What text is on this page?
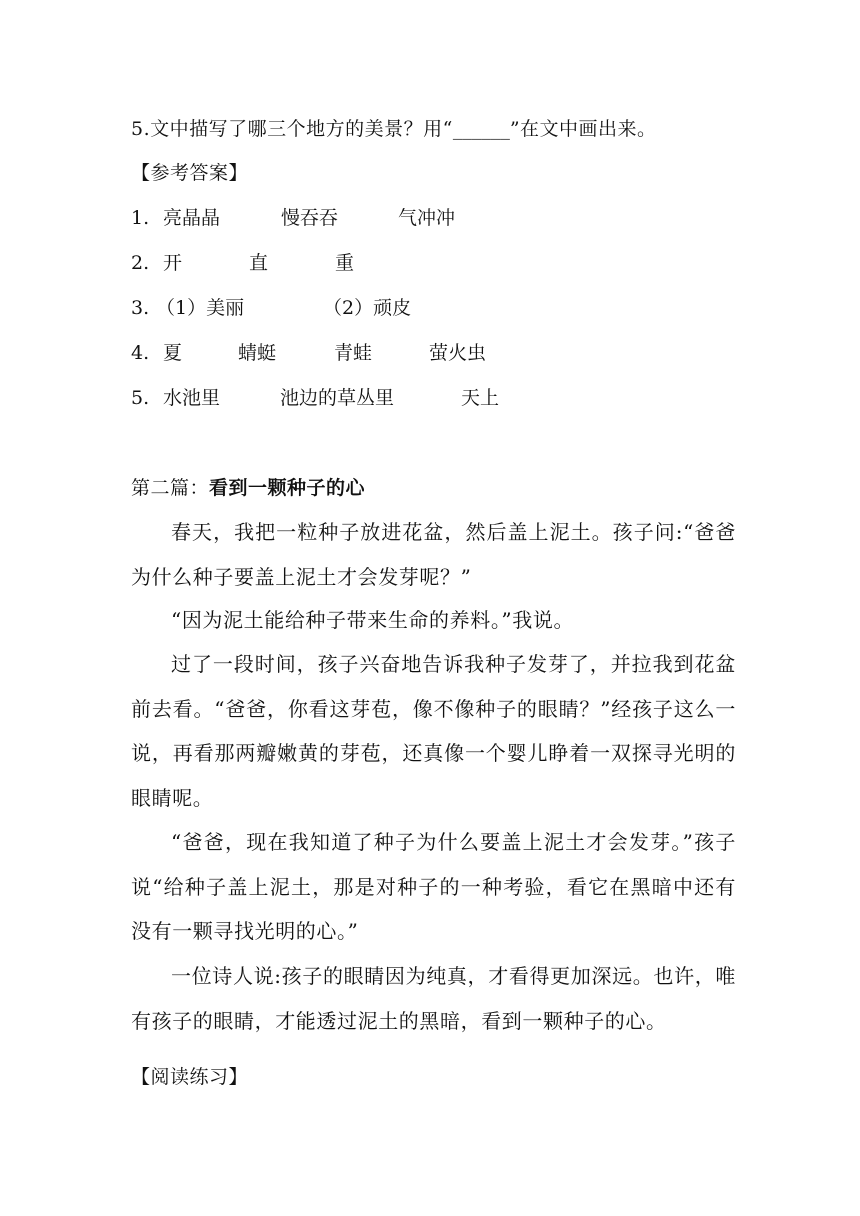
5.文中描写了哪三个地方的美景？用“______”在文中画出来。
【参考答案】
1. 亮晶晶	慢吞吞	气冲冲
2. 开	直	重
3. （1）美丽	（2）顽皮
4. 夏	蜻蜓	青蛙	萤火虫
5. 水池里	池边的草丛里	天上
第二篇：看到一颗种子的心
春天，我把一粒种子放进花盆，然后盖上泥土。孩子问:“爸爸为什么种子要盖上泥土才会发芽呢？”
“因为泥土能给种子带来生命的养料。”我说。
过了一段时间，孩子兴奋地告诉我种子发芽了，并拉我到花盆前去看。“爸爸，你看这芽苞，像不像种子的眼睛？”经孩子这么一说，再看那两瓣嫩黄的芽苞，还真像一个婴儿睁着一双探寻光明的眼睛呢。
“爸爸，现在我知道了种子为什么要盖上泥土才会发芽。”孩子说“给种子盖上泥土，那是对种子的一种考验，看它在黑暗中还有没有一颗寻找光明的心。”
一位诗人说:孩子的眼睛因为纯真，才看得更加深远。也许，唯有孩子的眼睛，才能透过泥土的黑暗，看到一颗种子的心。
【阅读练习】
